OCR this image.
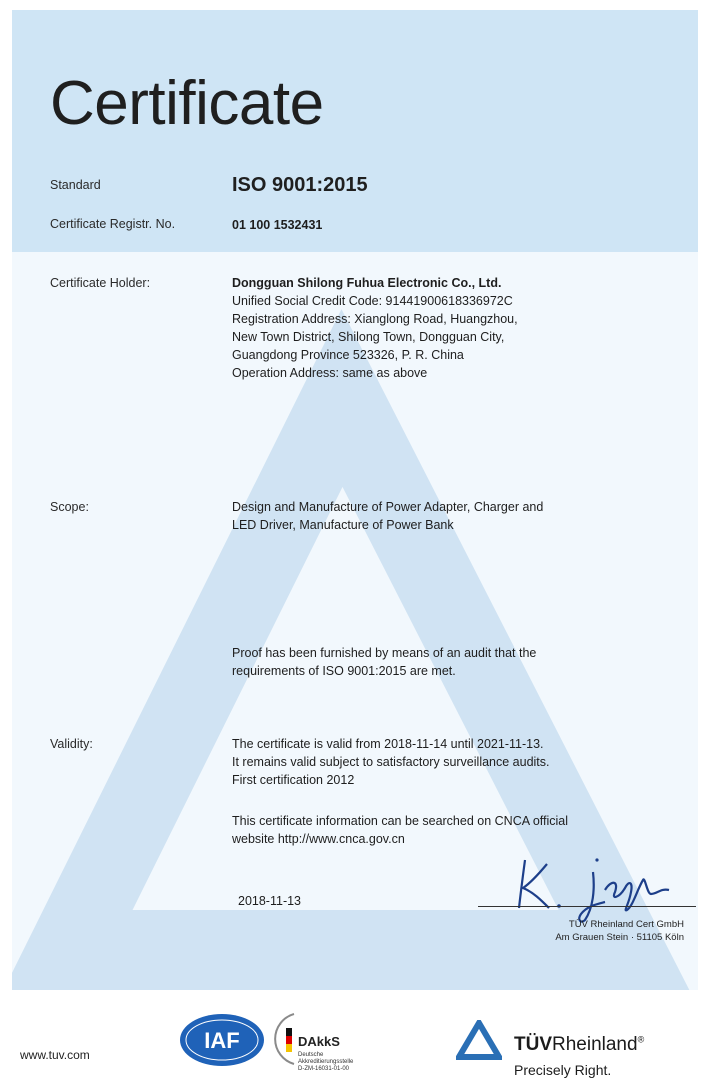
Certificate
Standard	ISO 9001:2015
Certificate Registr. No.	01 100 1532431
Certificate Holder:	Dongguan Shilong Fuhua Electronic Co., Ltd.
Unified Social Credit Code: 91441900618336972C
Registration Address: Xianglong Road, Huangzhou,
New Town District, Shilong Town, Dongguan City,
Guangdong Province 523326, P. R. China
Operation Address: same as above
Scope:	Design and Manufacture of Power Adapter, Charger and
LED Driver, Manufacture of Power Bank
Proof has been furnished by means of an audit that the
requirements of ISO 9001:2015 are met.
Validity:	The certificate is valid from 2018-11-14 until 2021-11-13.
It remains valid subject to satisfactory surveillance audits.
First certification 2012
This certificate information can be searched on CNCA official
website http://www.cnca.gov.cn
2018-11-13
TÜV Rheinland Cert GmbH
Am Grauen Stein · 51105 Köln
www.tuv.com
IAF	DAkkS
Deutsche
Akkreditierungsstelle
D-ZM-16031-01-00
TÜVRheinland®
Precisely Right.
